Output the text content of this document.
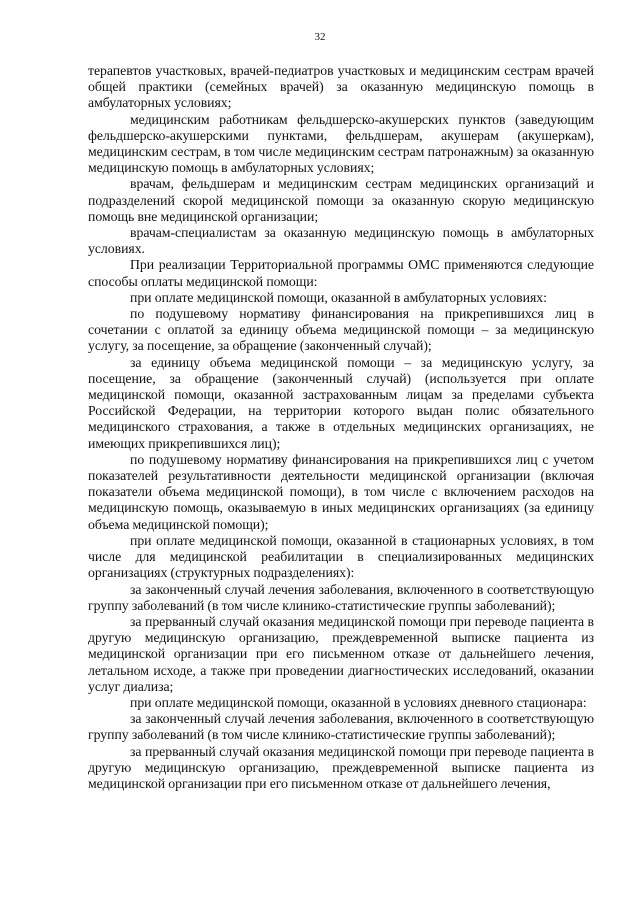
32

терапевтов участковых, врачей-педиатров участковых и медицинским сестрам врачей общей практики (семейных врачей) за оказанную медицинскую помощь в амбулаторных условиях;

медицинским работникам фельдшерско-акушерских пунктов (заведующим фельдшерско-акушерскими пунктами, фельдшерам, акушерам (акушеркам), медицинским сестрам, в том числе медицинским сестрам патронажным) за оказанную медицинскую помощь в амбулаторных условиях;

врачам, фельдшерам и медицинским сестрам медицинских организаций и подразделений скорой медицинской помощи за оказанную скорую медицинскую помощь вне медицинской организации;

врачам-специалистам за оказанную медицинскую помощь в амбулаторных условиях.

При реализации Территориальной программы ОМС применяются следующие способы оплаты медицинской помощи:

при оплате медицинской помощи, оказанной в амбулаторных условиях:

по подушевому нормативу финансирования на прикрепившихся лиц в сочетании с оплатой за единицу объема медицинской помощи – за медицинскую услугу, за посещение, за обращение (законченный случай);

за единицу объема медицинской помощи – за медицинскую услугу, за посещение, за обращение (законченный случай) (используется при оплате медицинской помощи, оказанной застрахованным лицам за пределами субъекта Российской Федерации, на территории которого выдан полис обязательного медицинского страхования, а также в отдельных медицинских организациях, не имеющих прикрепившихся лиц);

по подушевому нормативу финансирования на прикрепившихся лиц с учетом показателей результативности деятельности медицинской организации (включая показатели объема медицинской помощи), в том числе с включением расходов на медицинскую помощь, оказываемую в иных медицинских организациях (за единицу объема медицинской помощи);

при оплате медицинской помощи, оказанной в стационарных условиях, в том числе для медицинской реабилитации в специализированных медицинских организациях (структурных подразделениях):

за законченный случай лечения заболевания, включенного в соответствующую группу заболеваний (в том числе клинико-статистические группы заболеваний);

за прерванный случай оказания медицинской помощи при переводе пациента в другую медицинскую организацию, преждевременной выписке пациента из медицинской организации при его письменном отказе от дальнейшего лечения, летальном исходе, а также при проведении диагностических исследований, оказании услуг диализа;

при оплате медицинской помощи, оказанной в условиях дневного стационара:

за законченный случай лечения заболевания, включенного в соответствующую группу заболеваний (в том числе клинико-статистические группы заболеваний);

за прерванный случай оказания медицинской помощи при переводе пациента в другую медицинскую организацию, преждевременной выписке пациента из медицинской организации при его письменном отказе от дальнейшего лечения,
